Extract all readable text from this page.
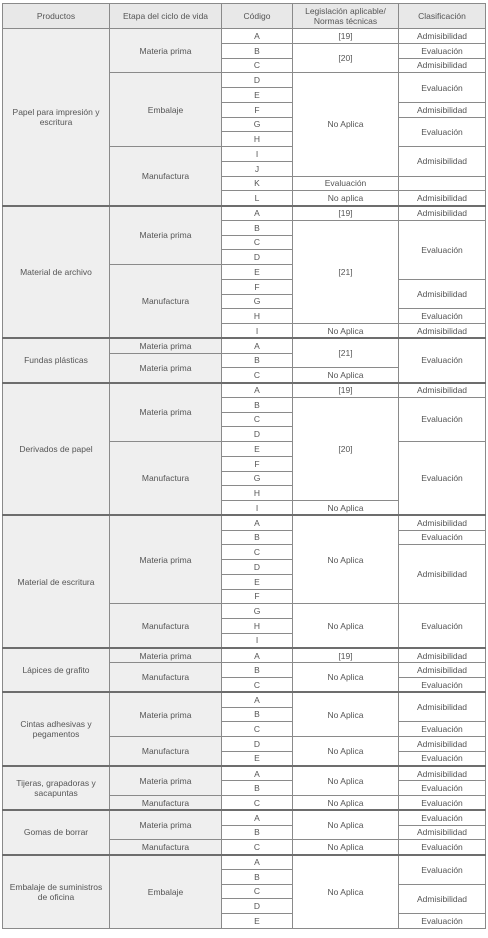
Productos	Etapa del ciclo de vida	Código	Legislación aplicable/ Normas técnicas	Clasificación	
Papel para impresión y escritura	Materia prima	A	[19]	Admisibilidad	
		B	[20]	Evaluación	
		C		Admisibilidad	
	Embalaje	D	No Aplica	Evaluación	
		E			
		F		Admisibilidad	
		G		Evaluación	
		H			
	Manufactura	I		Admisibilidad	
		J	
		K	Evaluación		
		L	No aplica	Admisibilidad	
Material de archivo	Materia prima	A	[19]	Admisibilidad	
		B	[21]	Evaluación	
		C			
		D			
	Manufactura	E			
		F		Admisibilidad	
		G			
		H		Evaluación	
		I	No Aplica	Admisibilidad	
Fundas plásticas	Materia prima	A	[21]	Evaluación	
	Materia prima	B			
		C	No Aplica		
Derivados de papel	Materia prima	A	[19]	Admisibilidad	
		B	[20]	Evaluación	
		C			
		D			
	Manufactura	E		Evaluación	
		F			
		G			
		H			
		I	No Aplica		
Material de escritura	Materia prima	A	No Aplica	Admisibilidad	
		B		Evaluación	
		C		Admisibilidad	
		D			
		E			
		F			
	Manufactura	G	No Aplica	Evaluación	
		H			
		I			
Lápices de grafito	Materia prima	A	[19]	Admisibilidad	
	Manufactura	B	No Aplica	Admisibilidad	
		C		Evaluación	
Cintas adhesivas y pegamentos	Materia prima	A	No Aplica	Admisibilidad	
		B			
		C		Evaluación	
	Manufactura	D	No Aplica	Admisibilidad	
		E		Evaluación	
Tijeras, grapadoras y sacapuntas	Materia prima	A	No Aplica	Admisibilidad	
		B		Evaluación	
	Manufactura	C	No Aplica	Evaluación	
Gomas de borrar	Materia prima	A	No Aplica	Evaluación	
		B		Admisibilidad	
	Manufactura	C	No Aplica	Evaluación	
Embalaje de suministros de oficina	Embalaje	A	No Aplica	Evaluación	
		B			
		C		Admisibilidad	
		D			
		E		Evaluación	
